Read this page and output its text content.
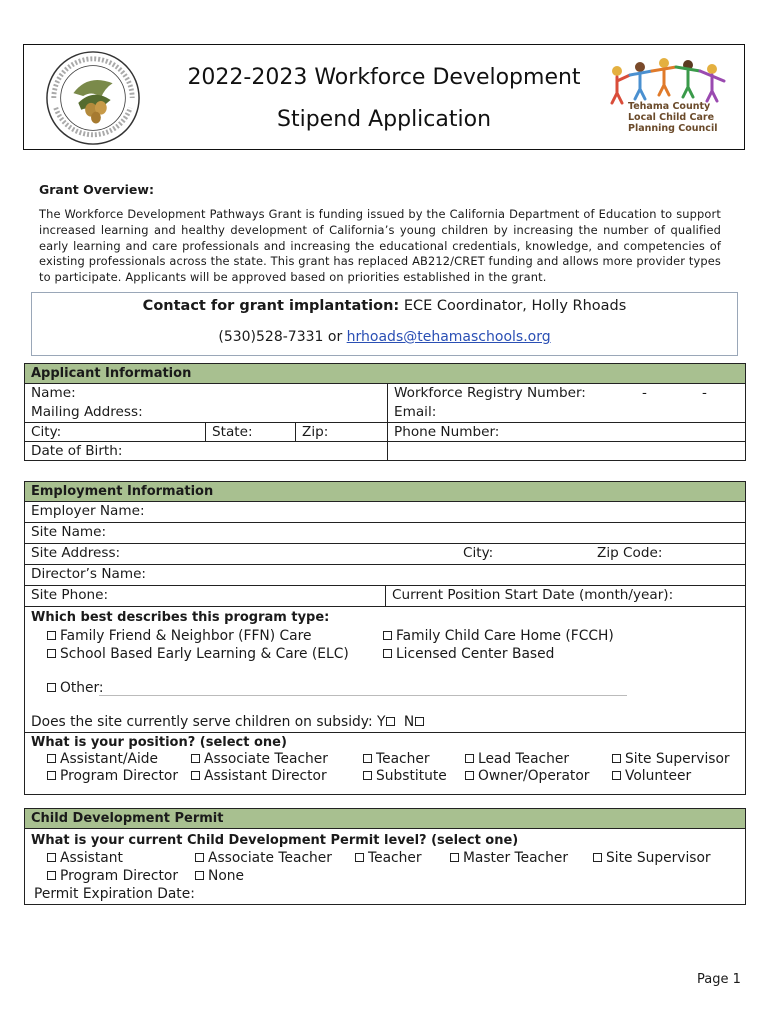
2022-2023 Workforce Development
Stipend Application
Tehama County
Local Child Care
Planning Council
Grant Overview:
The Workforce Development Pathways Grant is funding issued by the California Department of Education to support increased learning and healthy development of California’s young children by increasing the number of qualified early learning and care professionals and increasing the educational credentials, knowledge, and competencies of existing professionals across the state. This grant has replaced AB212/CRET funding and allows more provider types to participate. Applicants will be approved based on priorities established in the grant.
Contact for grant implantation: ECE Coordinator, Holly Rhoads
(530)528-7331 or hrhoads@tehamaschools.org
Applicant Information
Name:	Workforce Registry Number:	-	-
Mailing Address:	Email:
City:	State:	Zip:	Phone Number:
Date of Birth:
Employment Information
Employer Name:
Site Name:
Site Address:	City:	Zip Code:
Director’s Name:
Site Phone:	Current Position Start Date (month/year):
Which best describes this program type:
Family Friend & Neighbor (FFN) Care	Family Child Care Home (FCCH)
School Based Early Learning & Care (ELC)	Licensed Center Based
Other:
Does the site currently serve children on subsidy: Y N
What is your position? (select one)
Assistant/Aide	Associate Teacher	Teacher	Lead Teacher	Site Supervisor
Program Director	Assistant Director	Substitute	Owner/Operator	Volunteer
Child Development Permit
What is your current Child Development Permit level? (select one)
Assistant	Associate Teacher	Teacher	Master Teacher	Site Supervisor
Program Director	None
Permit Expiration Date:
Page 1
